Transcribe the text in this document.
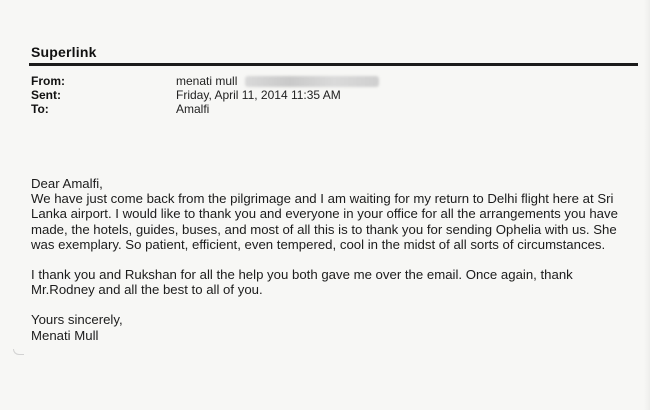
Superlink
From:	menati mull
Sent:	Friday, April 11, 2014 11:35 AM
To:	Amalfi

Dear Amalfi,

We have just come back from the pilgrimage and I am waiting for my return to Delhi flight here at Sri Lanka airport. I would like to thank you and everyone in your office for all the arrangements you have made, the hotels, guides, buses, and most of all this is to thank you for sending Ophelia with us. She was exemplary. So patient, efficient, even tempered, cool in the midst of all sorts of circumstances.

I thank you and Rukshan for all the help you both gave me over the email. Once again, thank Mr.Rodney and all the best to all of you.

Yours sincerely,

Menati Mull
